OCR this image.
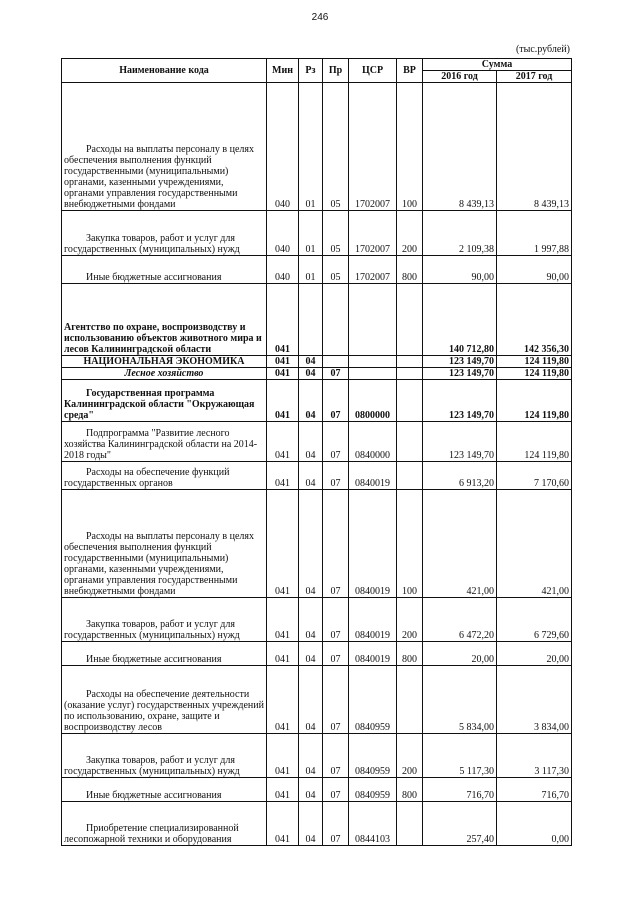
246
(тыс.рублей)
Наименование кода	Мин	Рз	Пр	ЦСР	ВР	Сумма	
						2016 год	2017 год
Расходы на выплаты персоналу в целях обеспечения выполнения функций государственными (муниципальными) органами, казенными учреждениями, органами управления государственными внебюджетными фондами	040	01	05	1702007	100	8 439,13	8 439,13
Закупка товаров, работ и услуг для государственных (муниципальных) нужд	040	01	05	1702007	200	2 109,38	1 997,88
Иные бюджетные ассигнования	040	01	05	1702007	800	90,00	90,00
Агентство по охране, воспроизводству и использованию объектов животного мира и лесов Калининградской области	041					140 712,80	142 356,30
НАЦИОНАЛЬНАЯ ЭКОНОМИКА	041	04				123 149,70	124 119,80
Лесное хозяйство	041	04	07			123 149,70	124 119,80
Государственная программа Калининградской области "Окружающая среда"	041	04	07	0800000		123 149,70	124 119,80
Подпрограмма "Развитие лесного хозяйства Калининградской области на 2014-2018 годы"	041	04	07	0840000		123 149,70	124 119,80
Расходы на обеспечение функций государственных органов	041	04	07	0840019		6 913,20	7 170,60
Расходы на выплаты персоналу в целях обеспечения выполнения функций государственными (муниципальными) органами, казенными учреждениями, органами управления государственными внебюджетными фондами	041	04	07	0840019	100	421,00	421,00
Закупка товаров, работ и услуг для государственных (муниципальных) нужд	041	04	07	0840019	200	6 472,20	6 729,60
Иные бюджетные ассигнования	041	04	07	0840019	800	20,00	20,00
Расходы на обеспечение деятельности (оказание услуг) государственных учреждений по использованию, охране, защите и воспроизводству лесов	041	04	07	0840959		5 834,00	3 834,00
Закупка товаров, работ и услуг для государственных (муниципальных) нужд	041	04	07	0840959	200	5 117,30	3 117,30
Иные бюджетные ассигнования	041	04	07	0840959	800	716,70	716,70
Приобретение специализированной лесопожарной техники и оборудования	041	04	07	0844103		257,40	0,00
